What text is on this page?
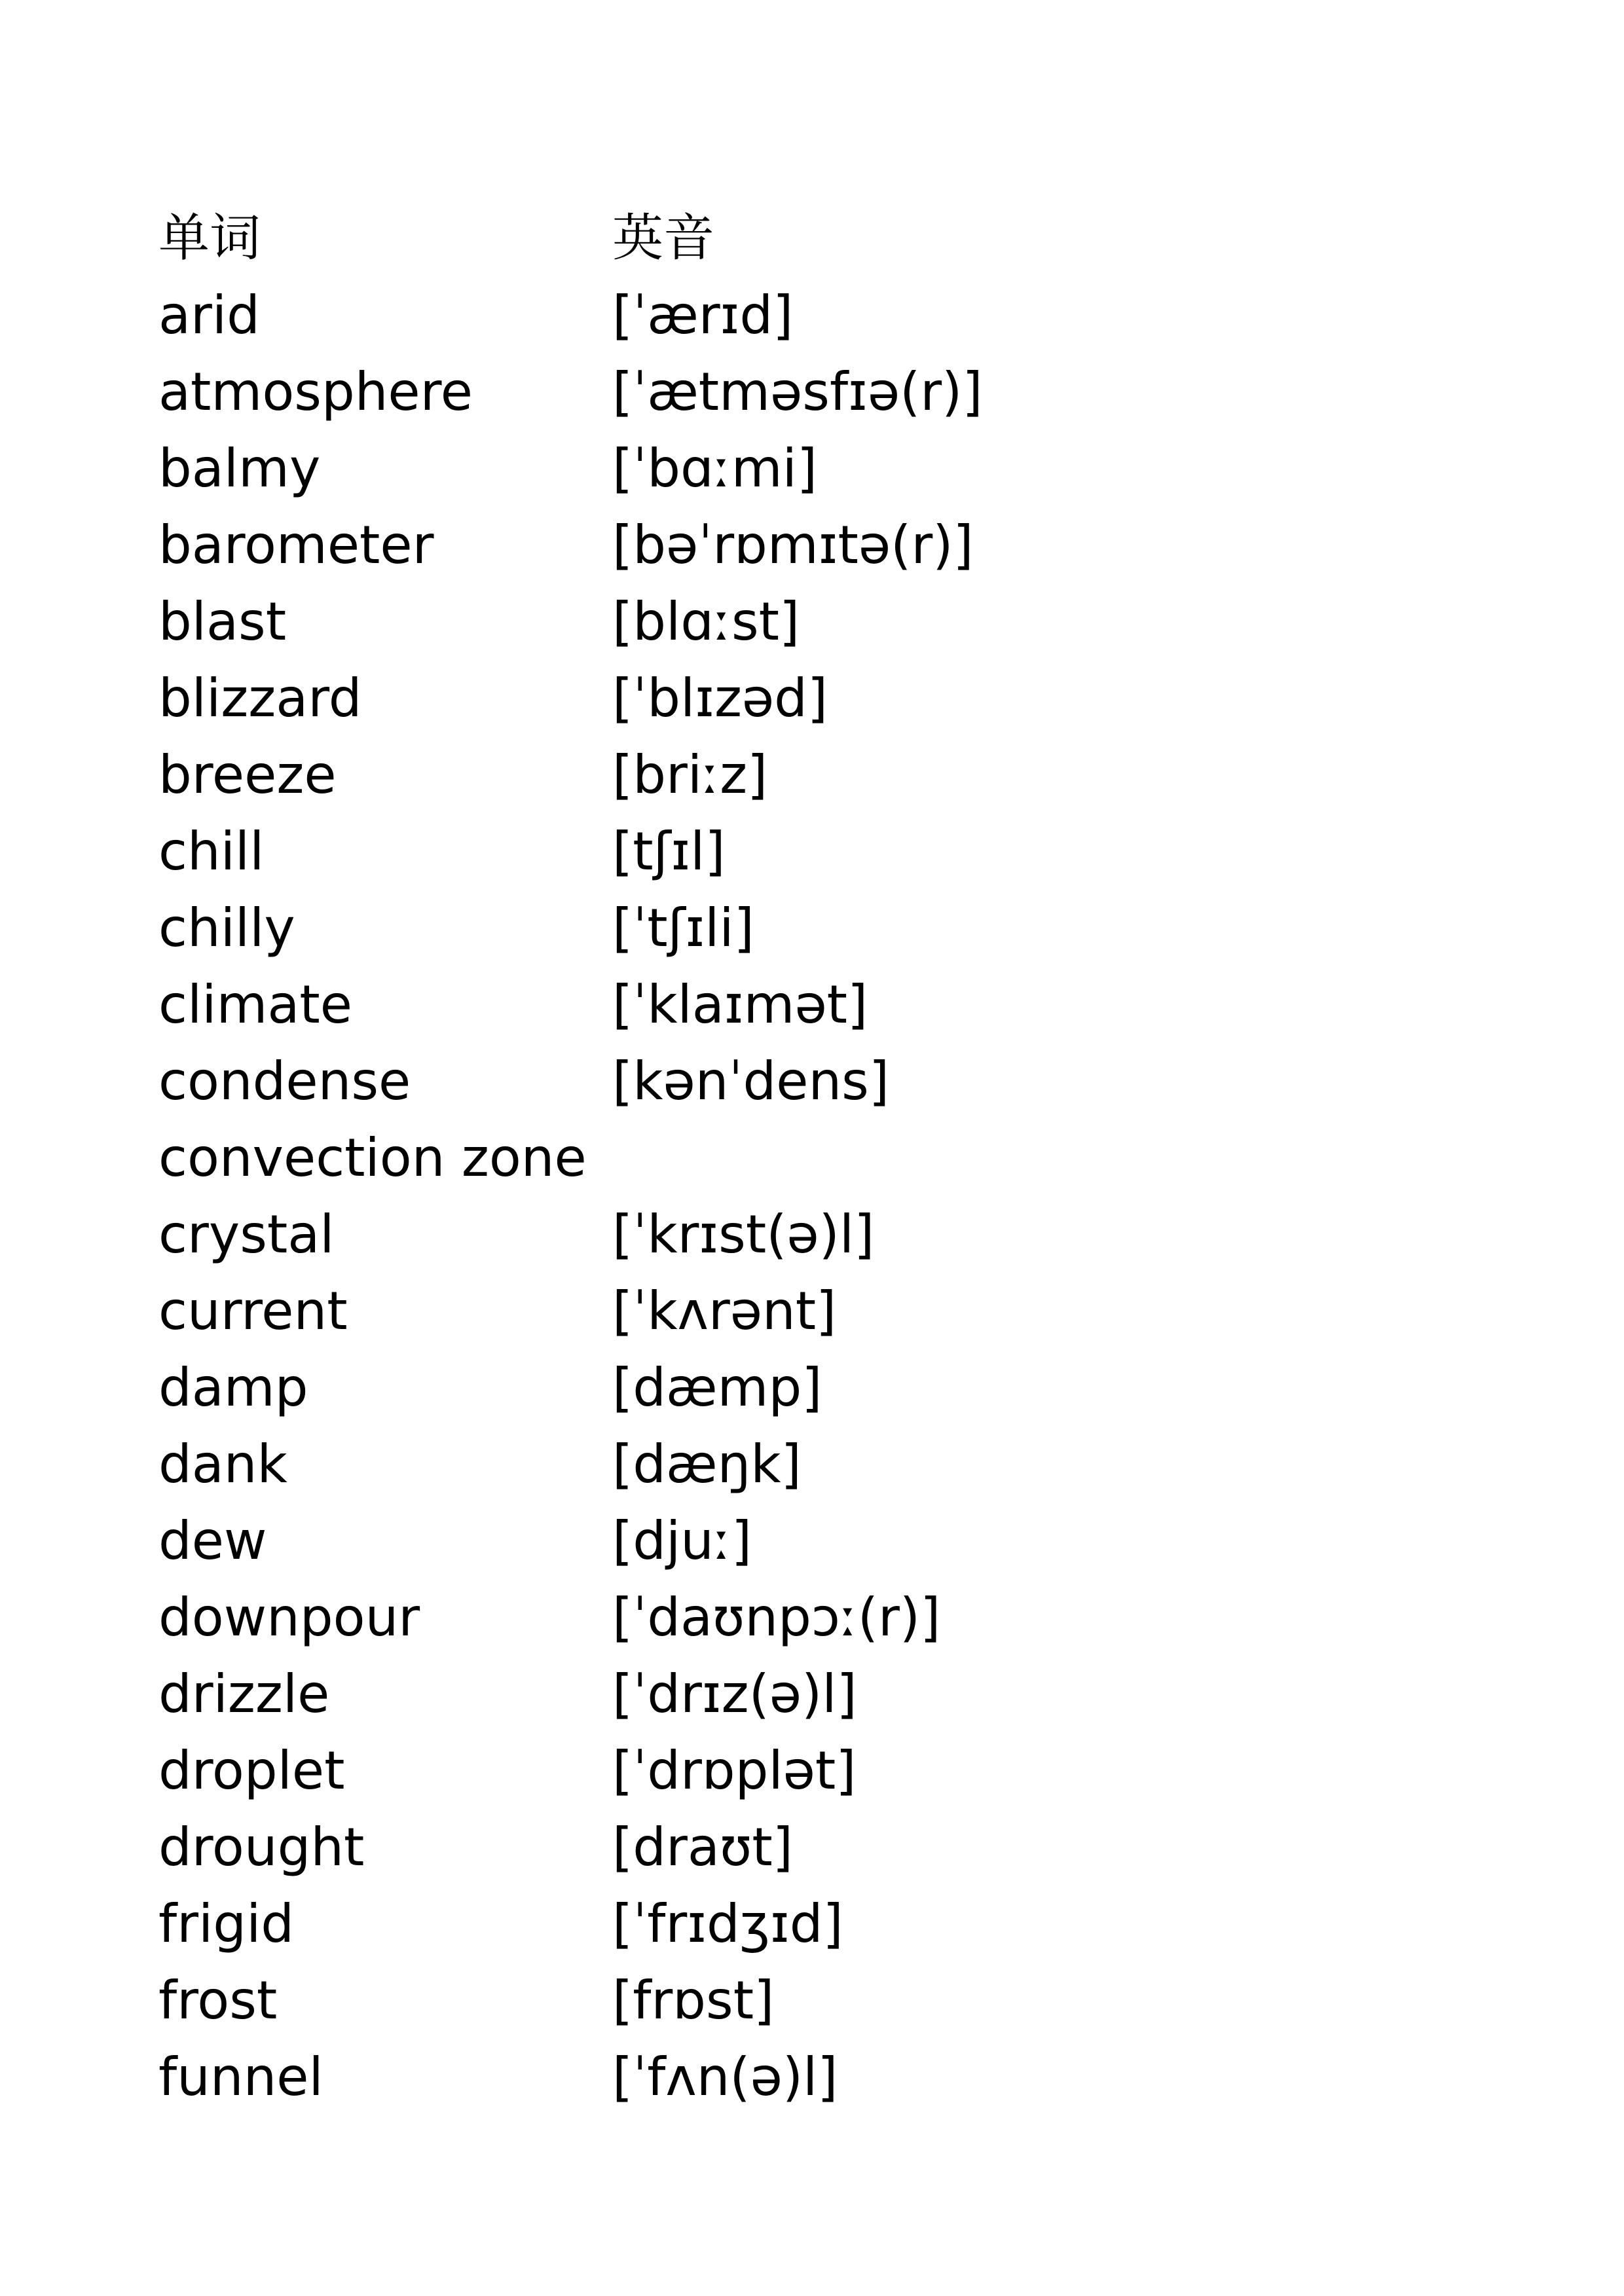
单词	英音
arid	[ˈærɪd]
atmosphere	[ˈætməsfɪə(r)]
balmy	[ˈbɑːmi]
barometer	[bəˈrɒmɪtə(r)]
blast	[blɑːst]
blizzard	[ˈblɪzəd]
breeze	[briːz]
chill	[tʃɪl]
chilly	[ˈtʃɪli]
climate	[ˈklaɪmət]
condense	[kənˈdens]
convection zone
crystal	[ˈkrɪst(ə)l]
current	[ˈkʌrənt]
damp	[dæmp]
dank	[dæŋk]
dew	[djuː]
downpour	[ˈdaʊnpɔː(r)]
drizzle	[ˈdrɪz(ə)l]
droplet	[ˈdrɒplət]
drought	[draʊt]
frigid	[ˈfrɪdʒɪd]
frost	[frɒst]
funnel	[ˈfʌn(ə)l]
